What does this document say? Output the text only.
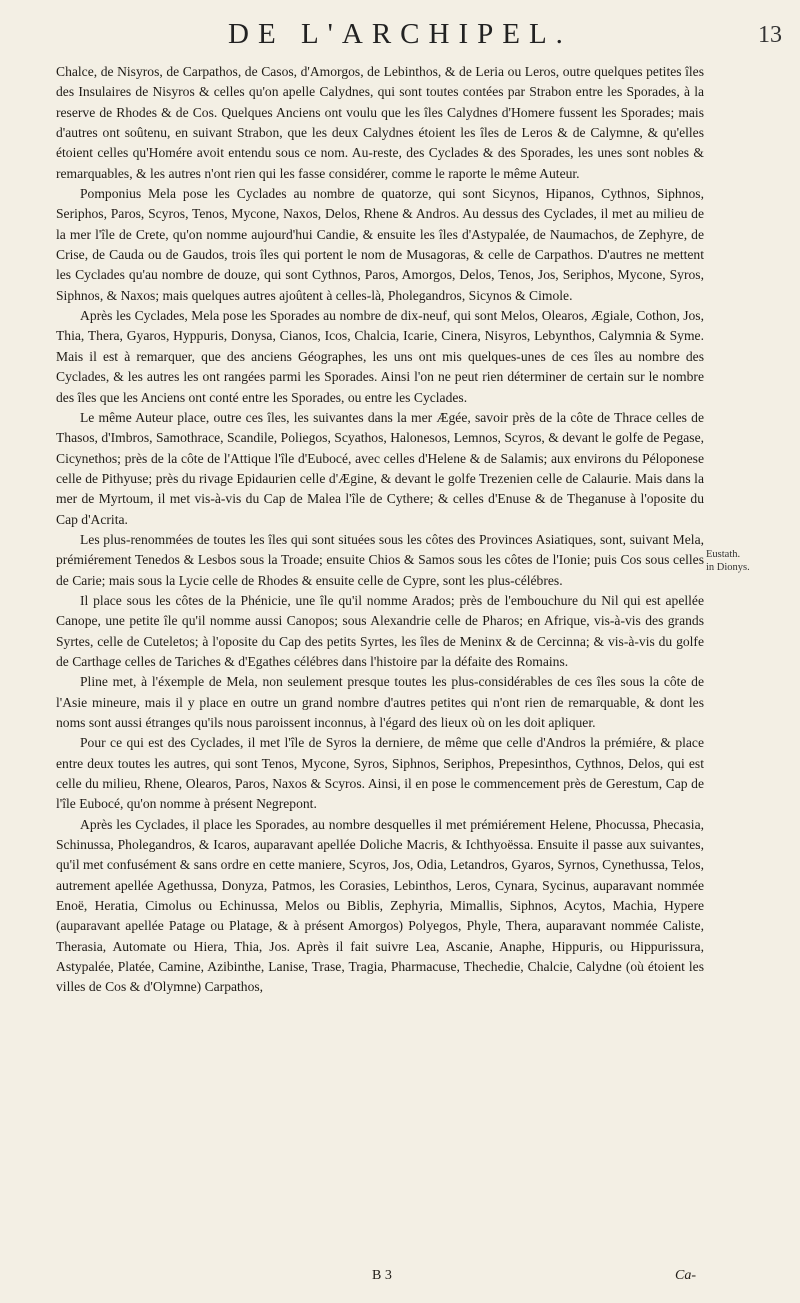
DE L'ARCHIPEL.	13

Chalce, de Nisyros, de Carpathos, de Casos, d'Amorgos, de Lebinthos, & de Leria ou Leros, outre quelques petites îles des Insulaires de Nisyros & celles qu'on apelle Calydnes, qui sont toutes contées par Strabon entre les Sporades, à la reserve de Rhodes & de Cos. Quelques Anciens ont voulu que les îles Calydnes d'Homere fussent les Sporades; mais d'autres ont soûtenu, en suivant Strabon, que les deux Calydnes étoient les îles de Leros & de Calymne, & qu'elles étoient celles qu'Homére avoit entendu sous ce nom. Au-reste, des Cyclades & des Sporades, les unes sont nobles & remarquables, & les autres n'ont rien qui les fasse considérer, comme le raporte le même Auteur.

Pomponius Mela pose les Cyclades au nombre de quatorze, qui sont Sicynos, Hipanos, Cythnos, Siphnos, Seriphos, Paros, Scyros, Tenos, Mycone, Naxos, Delos, Rhene & Andros. Au dessus des Cyclades, il met au milieu de la mer l'île de Crete, qu'on nomme aujourd'hui Candie, & ensuite les îles d'Astypalée, de Naumachos, de Zephyre, de Crise, de Cauda ou de Gaudos, trois îles qui portent le nom de Musagoras, & celle de Carpathos. D'autres ne mettent les Cyclades qu'au nombre de douze, qui sont Cythnos, Paros, Amorgos, Delos, Tenos, Jos, Seriphos, Mycone, Syros, Siphnos, & Naxos; mais quelques autres ajoûtent à celles-là, Pholegandros, Sicynos & Cimole.

Après les Cyclades, Mela pose les Sporades au nombre de dix-neuf, qui sont Melos, Olearos, Ægiale, Cothon, Jos, Thia, Thera, Gyaros, Hyppuris, Donysa, Cianos, Icos, Chalcia, Icarie, Cinera, Nisyros, Lebynthos, Calymnia & Syme. Mais il est à remarquer, que des anciens Géographes, les uns ont mis quelques-unes de ces îles au nombre des Cyclades, & les autres les ont rangées parmi les Sporades. Ainsi l'on ne peut rien déterminer de certain sur le nombre des îles que les Anciens ont conté entre les Sporades, ou entre les Cyclades.

Le même Auteur place, outre ces îles, les suivantes dans la mer Ægée, savoir près de la côte de Thrace celles de Thasos, d'Imbros, Samothrace, Scandile, Poliegos, Scyathos, Halonesos, Lemnos, Scyros, & devant le golfe de Pegase, Cicynethos; près de la côte de l'Attique l'île d'Eubocé, avec celles d'Helene & de Salamis; aux environs du Péloponese celle de Pithyuse; près du rivage Epidaurien celle d'Ægine, & devant le golfe Trezenien celle de Calaurie. Mais dans la mer de Myrtoum, il met vis-à-vis du Cap de Malea l'île de Cythere; & celles d'Enuse & de Theganuse à l'oposite du Cap d'Acrita.

Les plus-renommées de toutes les îles qui sont situées sous les côtes des Provinces Asiatiques, sont, suivant Mela, prémiérement Tenedos & Lesbos sous la Troade; ensuite Chios & Samos sous les côtes de l'Ionie; puis Cos sous celles de Carie; mais sous la Lycie celle de Rhodes & ensuite celle de Cypre, sont les plus-célébres.

Il place sous les côtes de la Phénicie, une île qu'il nomme Arados; près de l'embouchure du Nil qui est apellée Canope, une petite île qu'il nomme aussi Canopos; sous Alexandrie celle de Pharos; en Afrique, vis-à-vis des grands Syrtes, celle de Cuteletos; à l'oposite du Cap des petits Syrtes, les îles de Meninx & de Cercinna; & vis-à-vis du golfe de Carthage celles de Tariches & d'Egathes célébres dans l'histoire par la défaite des Romains.

Pline met, à l'éxemple de Mela, non seulement presque toutes les plus-considérables de ces îles sous la côte de l'Asie mineure, mais il y place en outre un grand nombre d'autres petites qui n'ont rien de remarquable, & dont les noms sont aussi étranges qu'ils nous paroissent inconnus, à l'égard des lieux où on les doit apliquer.

Pour ce qui est des Cyclades, il met l'île de Syros la derniere, de même que celle d'Andros la prémiére, & place entre deux toutes les autres, qui sont Tenos, Mycone, Syros, Siphnos, Seriphos, Prepesinthos, Cythnos, Delos, qui est celle du milieu, Rhene, Olearos, Paros, Naxos & Scyros. Ainsi, il en pose le commencement près de Gerestum, Cap de l'île Eubocé, qu'on nomme à présent Negrepont.

Après les Cyclades, il place les Sporades, au nombre desquelles il met prémiérement Helene, Phocussa, Phecasia, Schinussa, Pholegandros, & Icaros, auparavant apellée Doliche Macris, & Ichthyoëssa. Ensuite il passe aux suivantes, qu'il met confusément & sans ordre en cette maniere, Scyros, Jos, Odia, Letandros, Gyaros, Syrnos, Cynethussa, Telos, autrement apellée Agethussa, Donyza, Patmos, les Corasies, Lebinthos, Leros, Cynara, Sycinus, auparavant nommée Enoë, Heratia, Cimolus ou Echinussa, Melos ou Biblis, Zephyria, Mimallis, Siphnos, Acytos, Machia, Hypere (auparavant apellée Patage ou Platage, & à présent Amorgos) Polyegos, Phyle, Thera, auparavant nommée Caliste, Therasia, Automate ou Hiera, Thia, Jos. Après il fait suivre Lea, Ascanie, Anaphe, Hippuris, ou Hippurissura, Astypalée, Platée, Camine, Azibinthe, Lanise, Trase, Tragia, Pharmacuse, Thechedie, Chalcie, Calydne (où étoient les villes de Cos & d'Olymne) Carpathos,

Eustath. in Dionys.
B 3	Ca-
